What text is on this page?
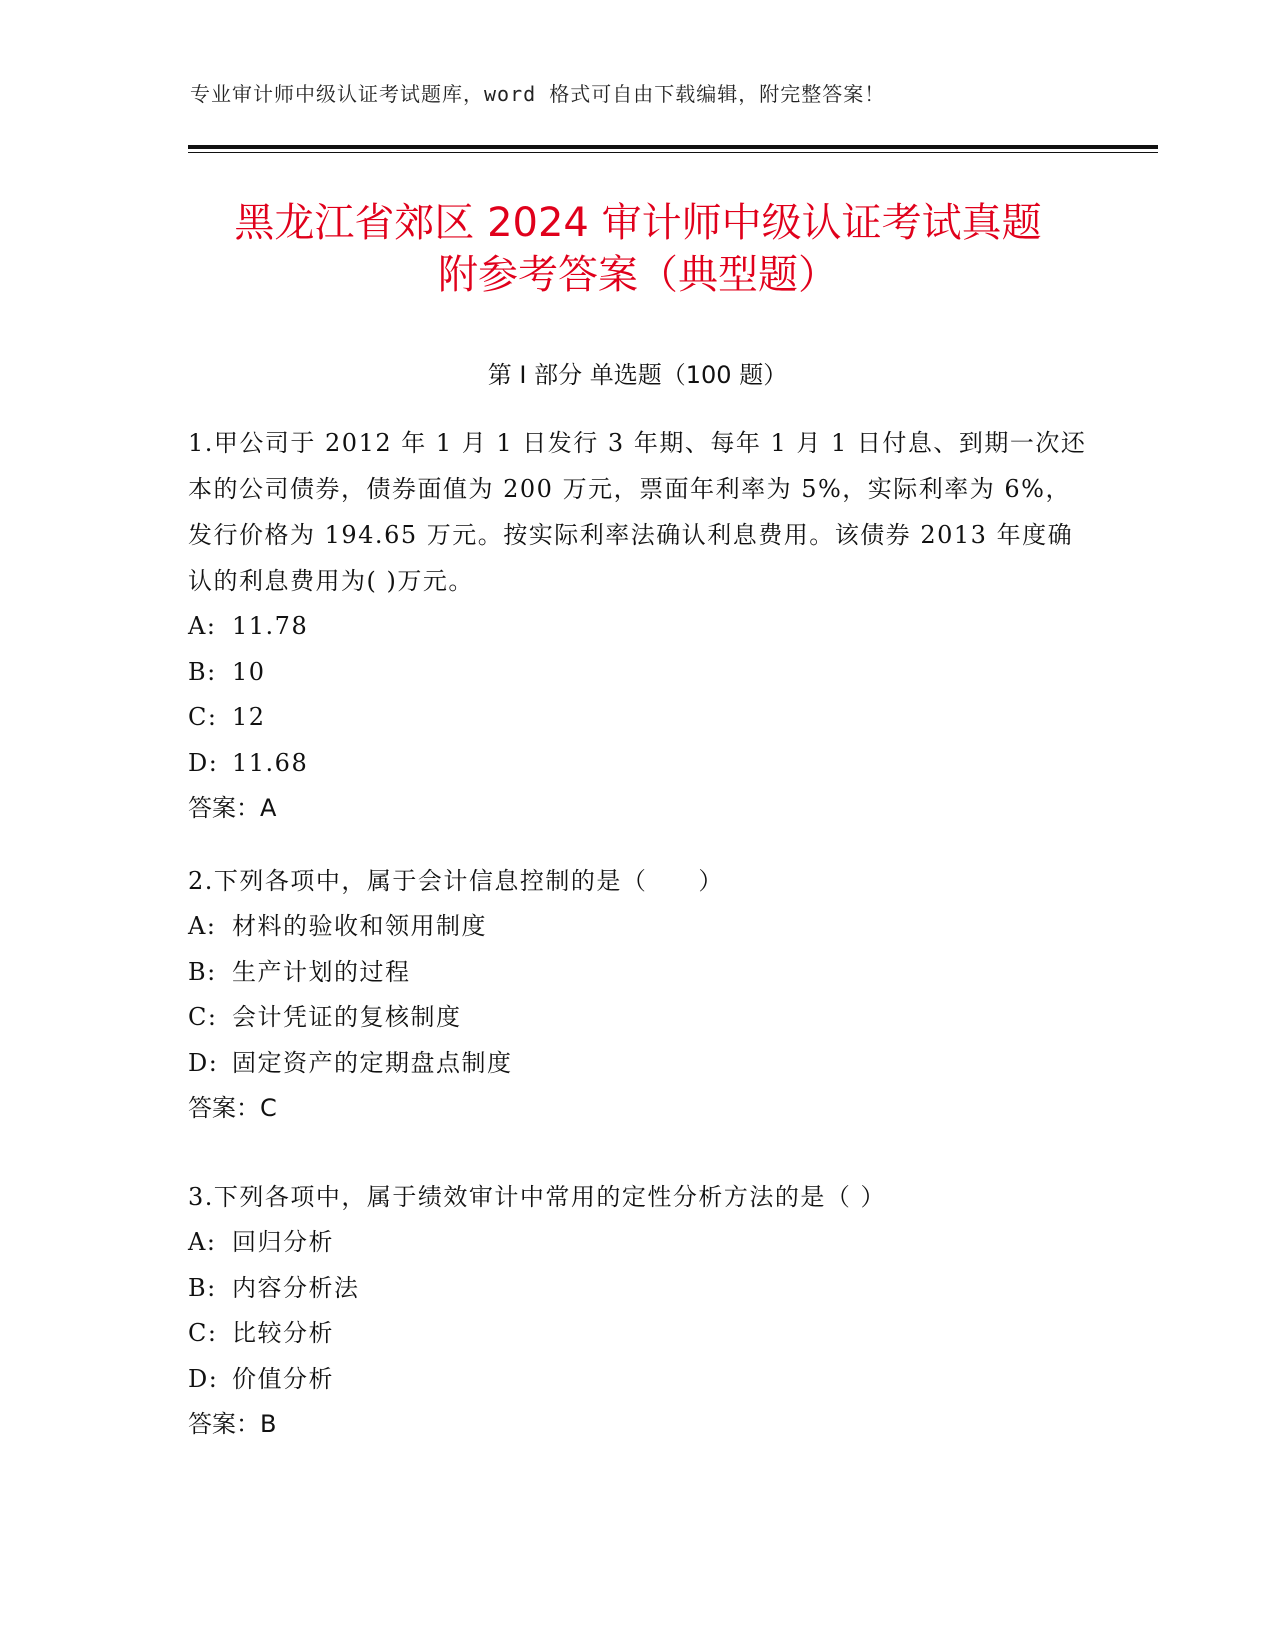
专业审计师中级认证考试题库，word 格式可自由下载编辑，附完整答案！
黑龙江省郊区 2024 审计师中级认证考试真题
附参考答案（典型题）
第 I 部分 单选题（100 题）

1.甲公司于 2012 年 1 月 1 日发行 3 年期、每年 1 月 1 日付息、到期一次还本的公司债券，债券面值为 200 万元，票面年利率为 5%，实际利率为 6%，发行价格为 194.65 万元。按实际利率法确认利息费用。该债券 2013 年度确认的利息费用为( )万元。

A: 11.78

B: 10

C: 12

D: 11.68

答案：A

2.下列各项中，属于会计信息控制的是（　　）

A: 材料的验收和领用制度

B: 生产计划的过程

C: 会计凭证的复核制度

D: 固定资产的定期盘点制度

答案：C

3.下列各项中，属于绩效审计中常用的定性分析方法的是（ ）

A: 回归分析

B: 内容分析法

C: 比较分析

D: 价值分析

答案：B
